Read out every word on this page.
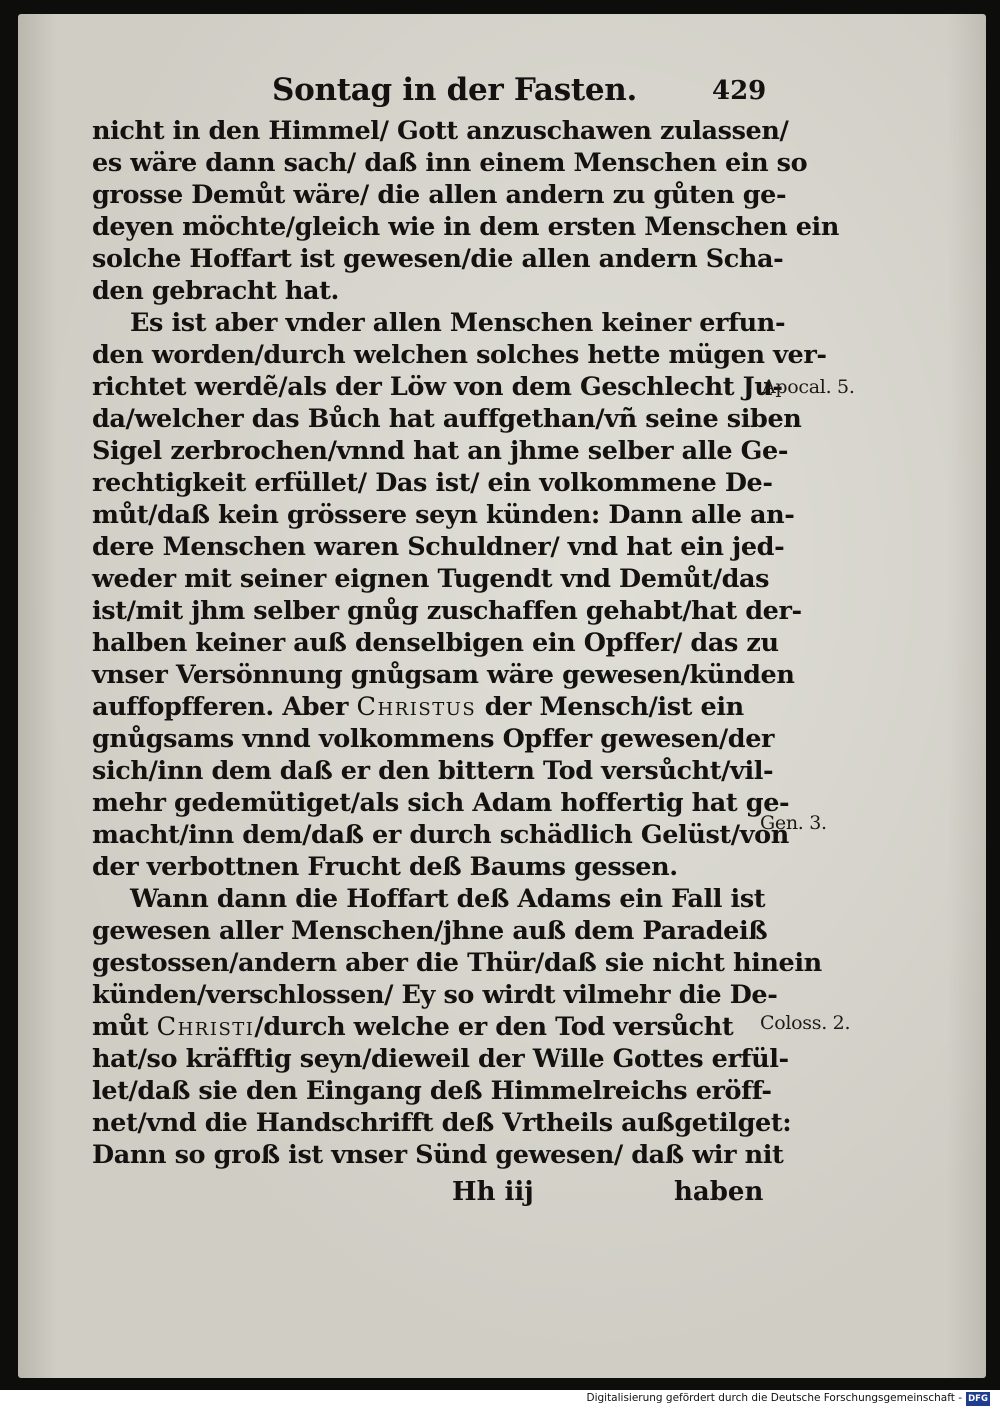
Sontag in der Fasten.	429
nicht in den Himmel/ Gott anzuschawen zulassen/
es wäre dann sach/ daß inn einem Menschen ein so
grosse Demůt wäre/ die allen andern zu gůten ge-
deyen möchte/gleich wie in dem ersten Menschen ein
solche Hoffart ist gewesen/die allen andern Scha-
den gebracht hat.
Es ist aber vnder allen Menschen keiner erfun-
den worden/durch welchen solches hette mügen ver-
richtet werdẽ/als der Löw von dem Geschlecht Ju-
da/welcher das Bůch hat auffgethan/vñ seine siben
Sigel zerbrochen/vnnd hat an jhme selber alle Ge-
rechtigkeit erfüllet/ Das ist/ ein volkommene De-
můt/daß kein grössere seyn künden: Dann alle an-
dere Menschen waren Schuldner/ vnd hat ein jed-
weder mit seiner eignen Tugendt vnd Demůt/das
ist/mit jhm selber gnůg zuschaffen gehabt/hat der-
halben keiner auß denselbigen ein Opffer/ das zu
vnser Versönnung gnůgsam wäre gewesen/künden
auffopfferen. Aber Christus der Mensch/ist ein
gnůgsams vnnd volkommens Opffer gewesen/der
sich/inn dem daß er den bittern Tod versůcht/vil-
mehr gedemütiget/als sich Adam hoffertig hat ge-
macht/inn dem/daß er durch schädlich Gelüst/von
der verbottnen Frucht deß Baums gessen.
Wann dann die Hoffart deß Adams ein Fall ist
gewesen aller Menschen/jhne auß dem Paradeiß
gestossen/andern aber die Thür/daß sie nicht hinein
künden/verschlossen/ Ey so wirdt vilmehr die De-
můt Christi/durch welche er den Tod versůcht
hat/so kräfftig seyn/dieweil der Wille Gottes erfül-
let/daß sie den Eingang deß Himmelreichs eröff-
net/vnd die Handschrifft deß Vrtheils außgetilget:
Dann so groß ist vnser Sünd gewesen/ daß wir nit
Apocal. 5.
Gen. 3.
Coloss. 2.
Hh iij	haben
Digitalisierung gefördert durch die Deutsche Forschungsgemeinschaft - DFG
